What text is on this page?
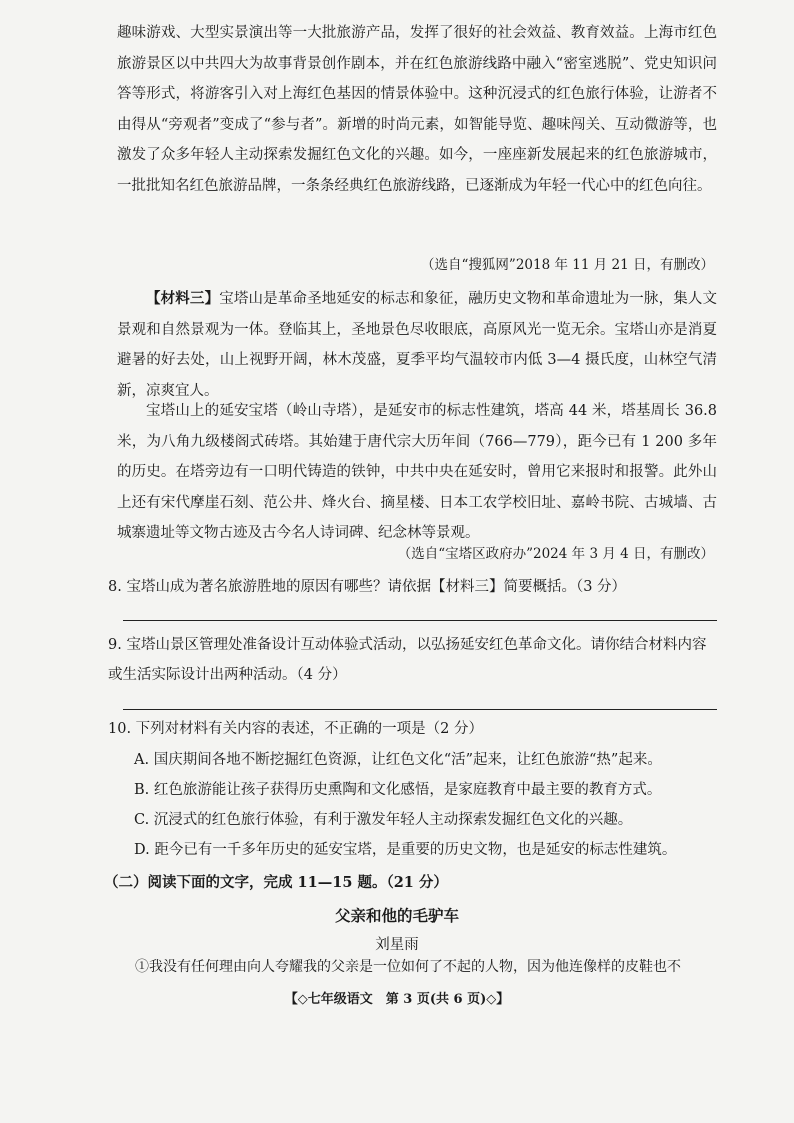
趣味游戏、大型实景演出等一大批旅游产品，发挥了很好的社会效益、教育效益。上海市红色旅游景区以中共四大为故事背景创作剧本，并在红色旅游线路中融入“密室逃脱”、党史知识问答等形式，将游客引入对上海红色基因的情景体验中。这种沉浸式的红色旅行体验，让游者不由得从“旁观者”变成了“参与者”。新增的时尚元素，如智能导览、趣味闯关、互动微游等，也激发了众多年轻人主动探索发掘红色文化的兴趣。如今，一座座新发展起来的红色旅游城市，一批批知名红色旅游品牌，一条条经典红色旅游线路，已逐渐成为年轻一代心中的红色向往。

（选自“搜狐网”2018 年 11 月 21 日，有删改）

【材料三】宝塔山是革命圣地延安的标志和象征，融历史文物和革命遗址为一脉，集人文景观和自然景观为一体。登临其上，圣地景色尽收眼底，高原风光一览无余。宝塔山亦是消夏避暑的好去处，山上视野开阔，林木茂盛，夏季平均气温较市内低 3—4 摄氏度，山林空气清新，凉爽宜人。

宝塔山上的延安宝塔（岭山寺塔），是延安市的标志性建筑，塔高 44 米，塔基周长 36.8 米，为八角九级楼阁式砖塔。其始建于唐代宗大历年间（766—779），距今已有 1 200 多年的历史。在塔旁边有一口明代铸造的铁钟，中共中央在延安时，曾用它来报时和报警。此外山上还有宋代摩崖石刻、范公井、烽火台、摘星楼、日本工农学校旧址、嘉岭书院、古城墙、古城寨遗址等文物古迹及古今名人诗词碑、纪念林等景观。

（选自“宝塔区政府办”2024 年 3 月 4 日，有删改）

8. 宝塔山成为著名旅游胜地的原因有哪些？请依据【材料三】简要概括。（3 分）

9. 宝塔山景区管理处准备设计互动体验式活动，以弘扬延安红色革命文化。请你结合材料内容或生活实际设计出两种活动。（4 分）

10. 下列对材料有关内容的表述，不正确的一项是（2 分）

A. 国庆期间各地不断挖掘红色资源，让红色文化“活”起来，让红色旅游“热”起来。

B. 红色旅游能让孩子获得历史熏陶和文化感悟，是家庭教育中最主要的教育方式。

C. 沉浸式的红色旅行体验，有利于激发年轻人主动探索发掘红色文化的兴趣。

D. 距今已有一千多年历史的延安宝塔，是重要的历史文物，也是延安的标志性建筑。

（二）阅读下面的文字，完成 11—15 题。（21 分）

父亲和他的毛驴车

刘星雨

①我没有任何理由向人夸耀我的父亲是一位如何了不起的人物，因为他连像样的皮鞋也不

【◇七年级语文　第 3 页(共 6 页)◇】
